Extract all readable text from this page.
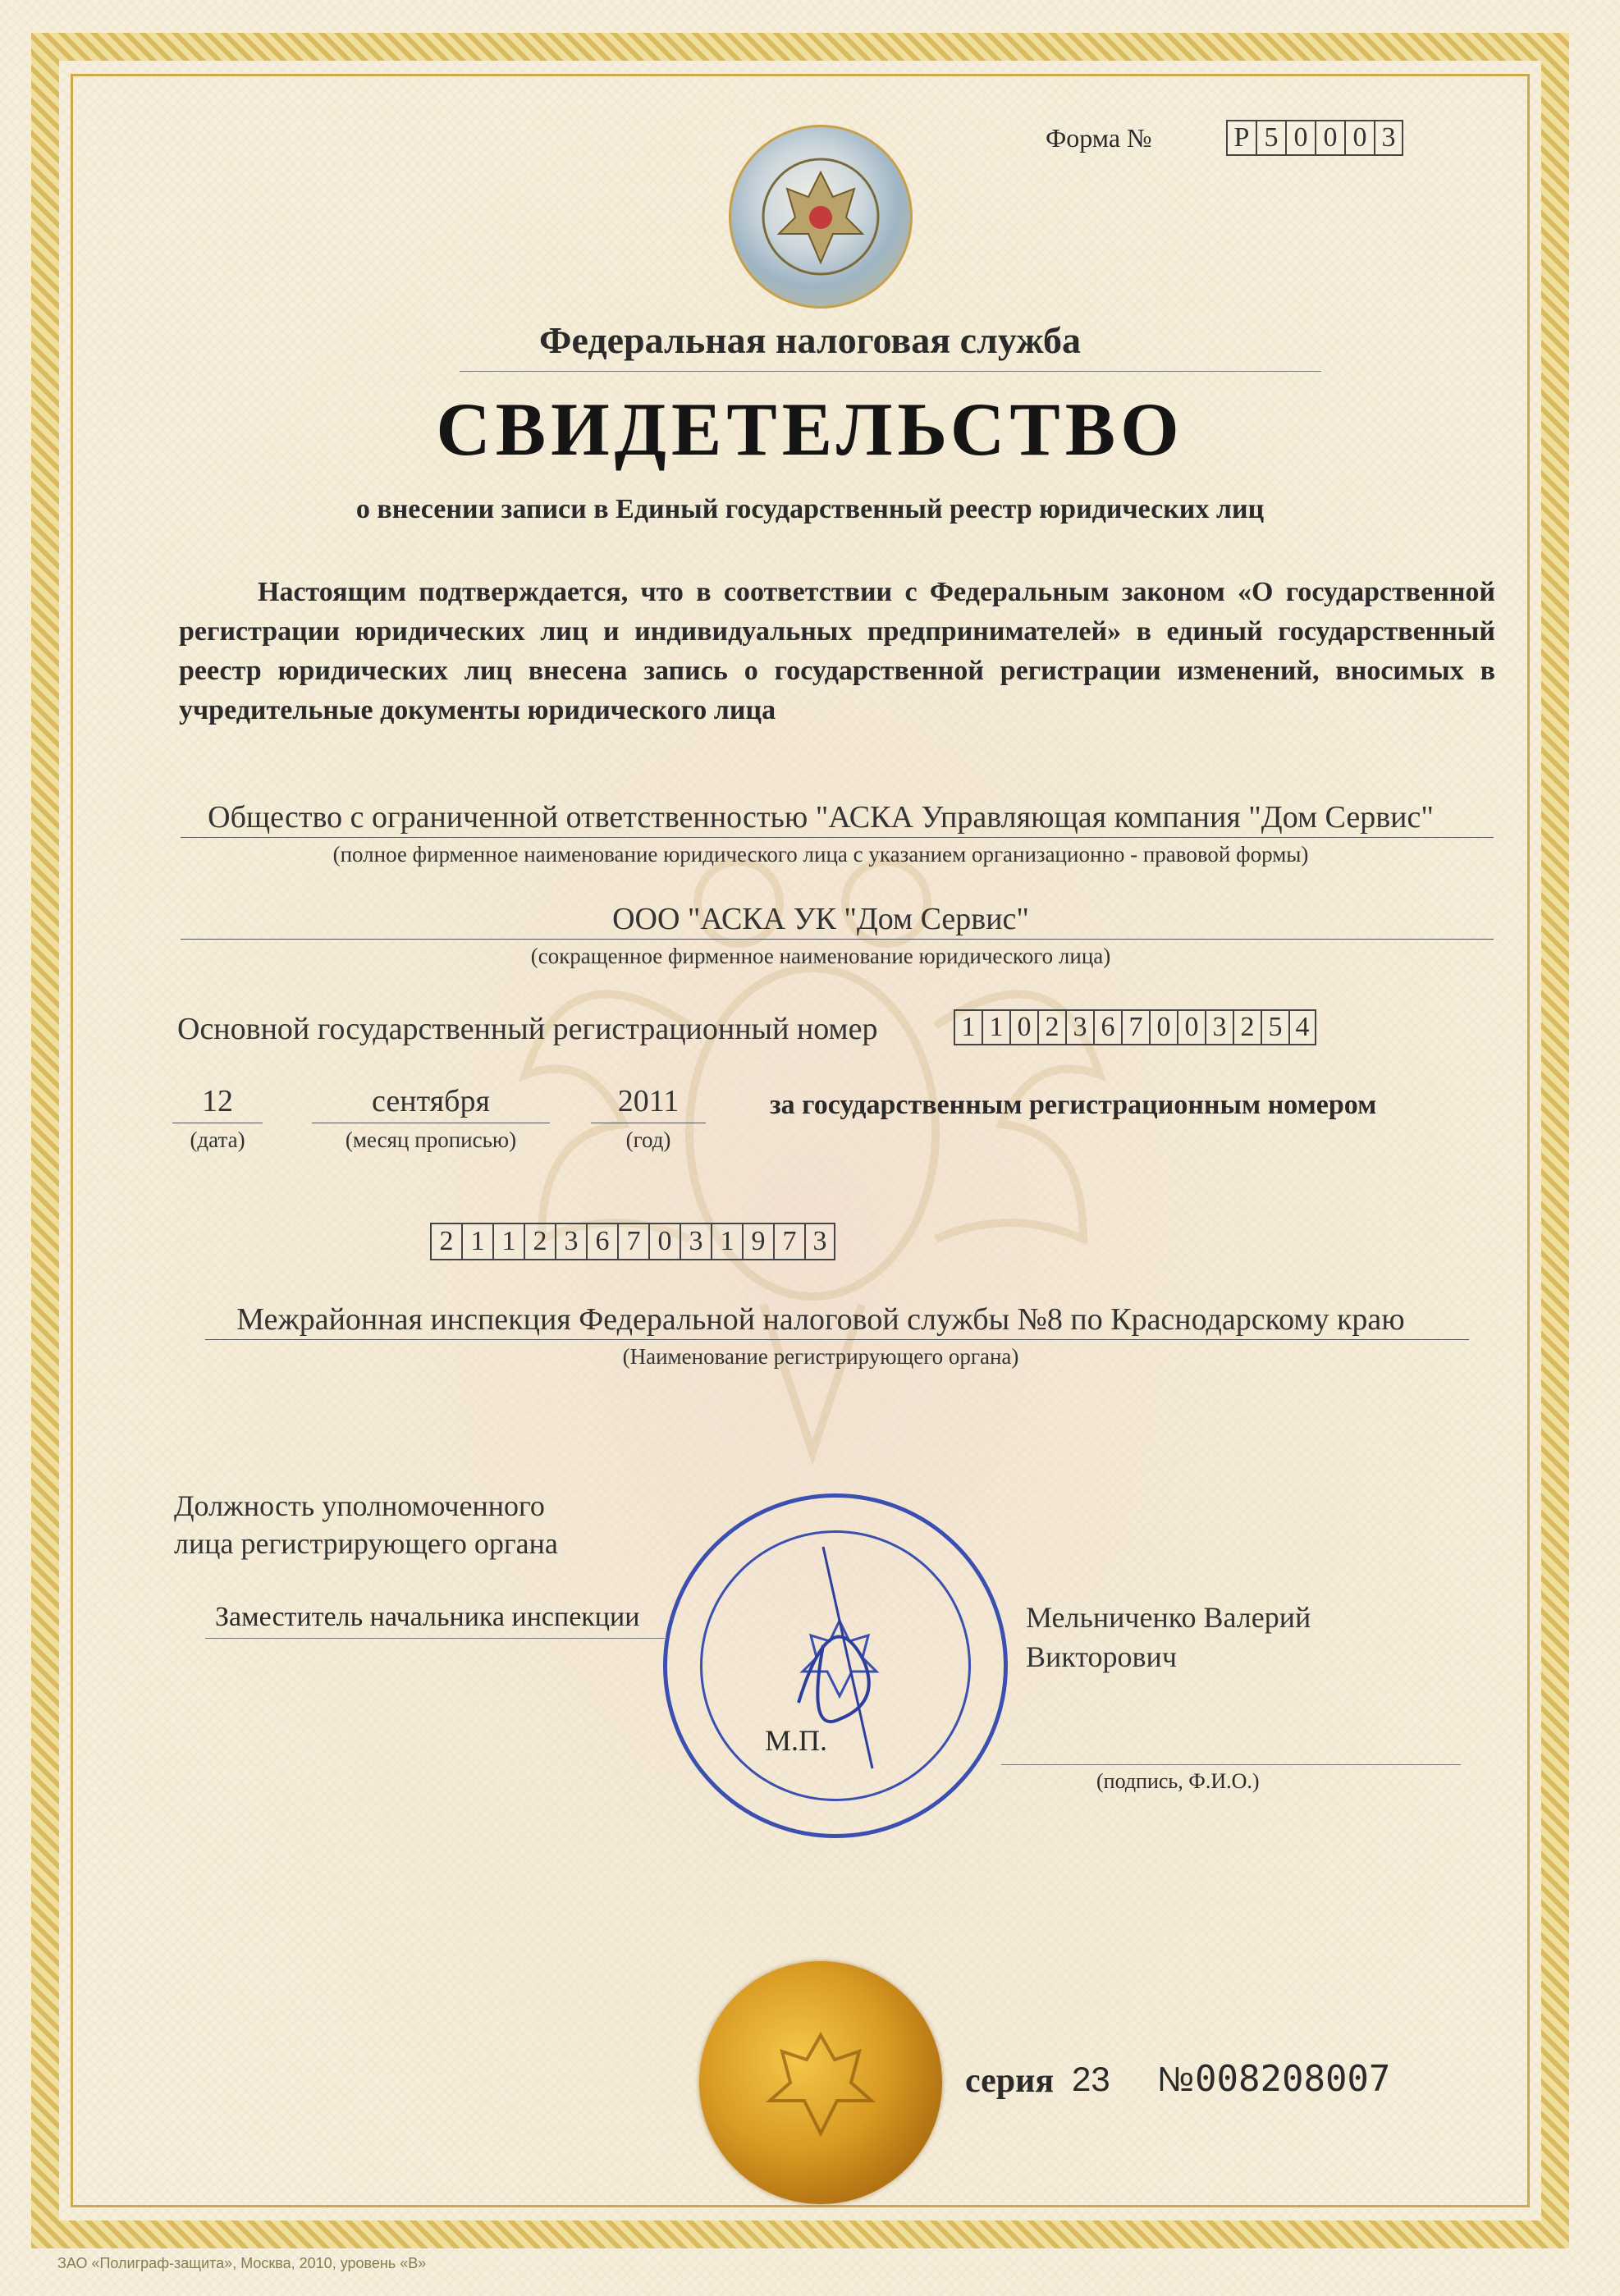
Форма №	Р 5 0 0 0 3
Федеральная налоговая служба
СВИДЕТЕЛЬСТВО
о внесении записи в Единый государственный реестр юридических лиц
Настоящим подтверждается, что в соответствии с Федеральным законом «О государственной регистрации юридических лиц и индивидуальных предпринимателей» в единый государственный реестр юридических лиц внесена запись о государственной регистрации изменений, вносимых в учредительные документы юридического лица
Общество с ограниченной ответственностью "АСКА Управляющая компания "Дом Сервис"
(полное фирменное наименование юридического лица с указанием организационно - правовой формы)
ООО "АСКА УК "Дом Сервис"
(сокращенное фирменное наименование юридического лица)
Основной государственный регистрационный номер	1 1 0 2 3 6 7 0 0 3 2 5 4
12
(дата)
сентября
(месяц прописью)
2011
(год)
за государственным регистрационным номером
2 1 1 2 3 6 7 0 3 1 9 7 3
Межрайонная инспекция Федеральной налоговой службы №8 по Краснодарскому краю
(Наименование регистрирующего органа)
Должность уполномоченного
лица регистрирующего органа
Заместитель начальника инспекции
М.П.
Мельниченко Валерий
Викторович
(подпись, Ф.И.О.)
серия 23 № 008208007
ЗАО «Полиграф-защита», Москва, 2010, уровень «В»
